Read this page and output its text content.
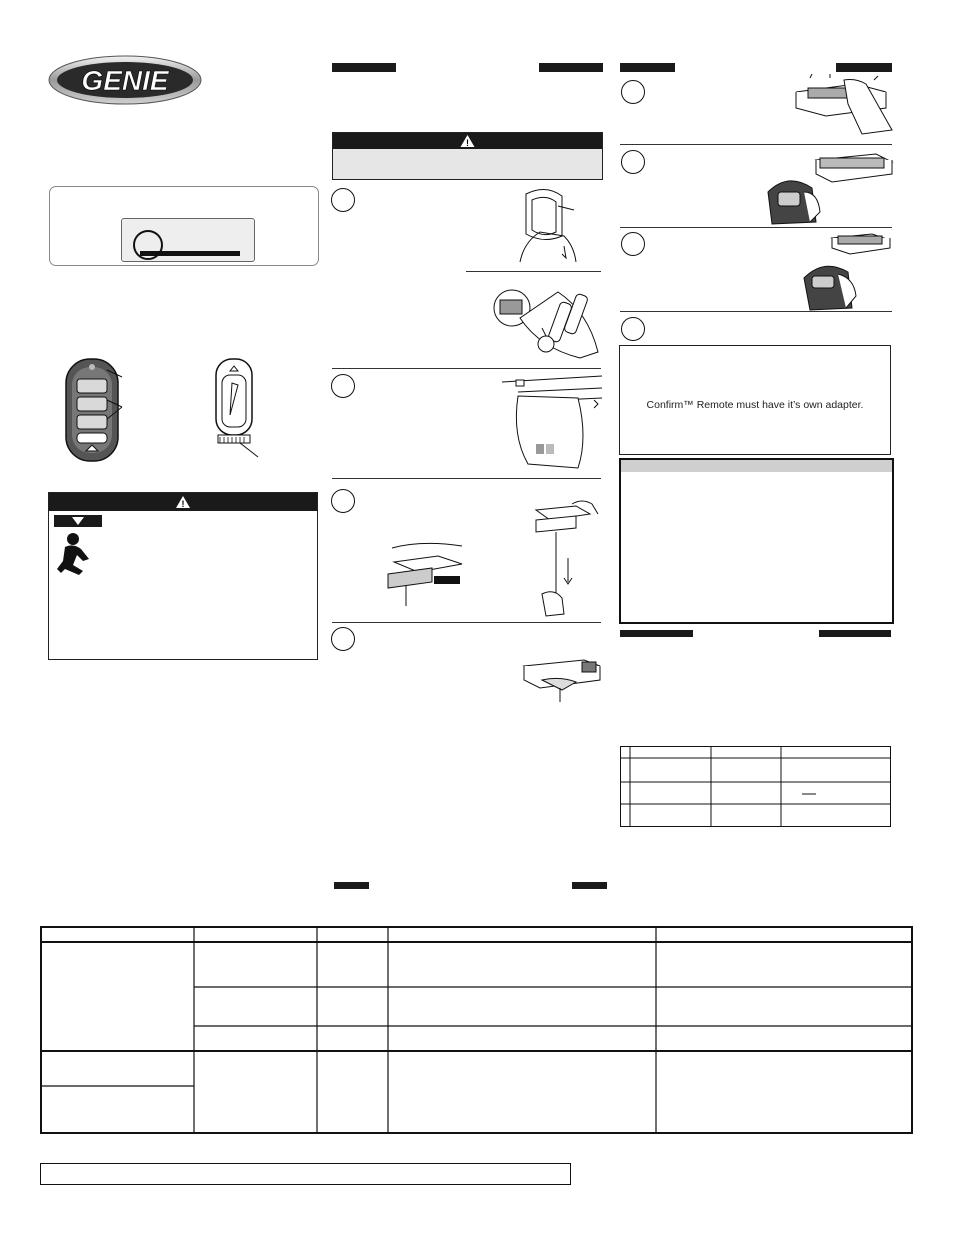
GENIE
!
!
Confirm™ Remote must have it’s own adapter.
